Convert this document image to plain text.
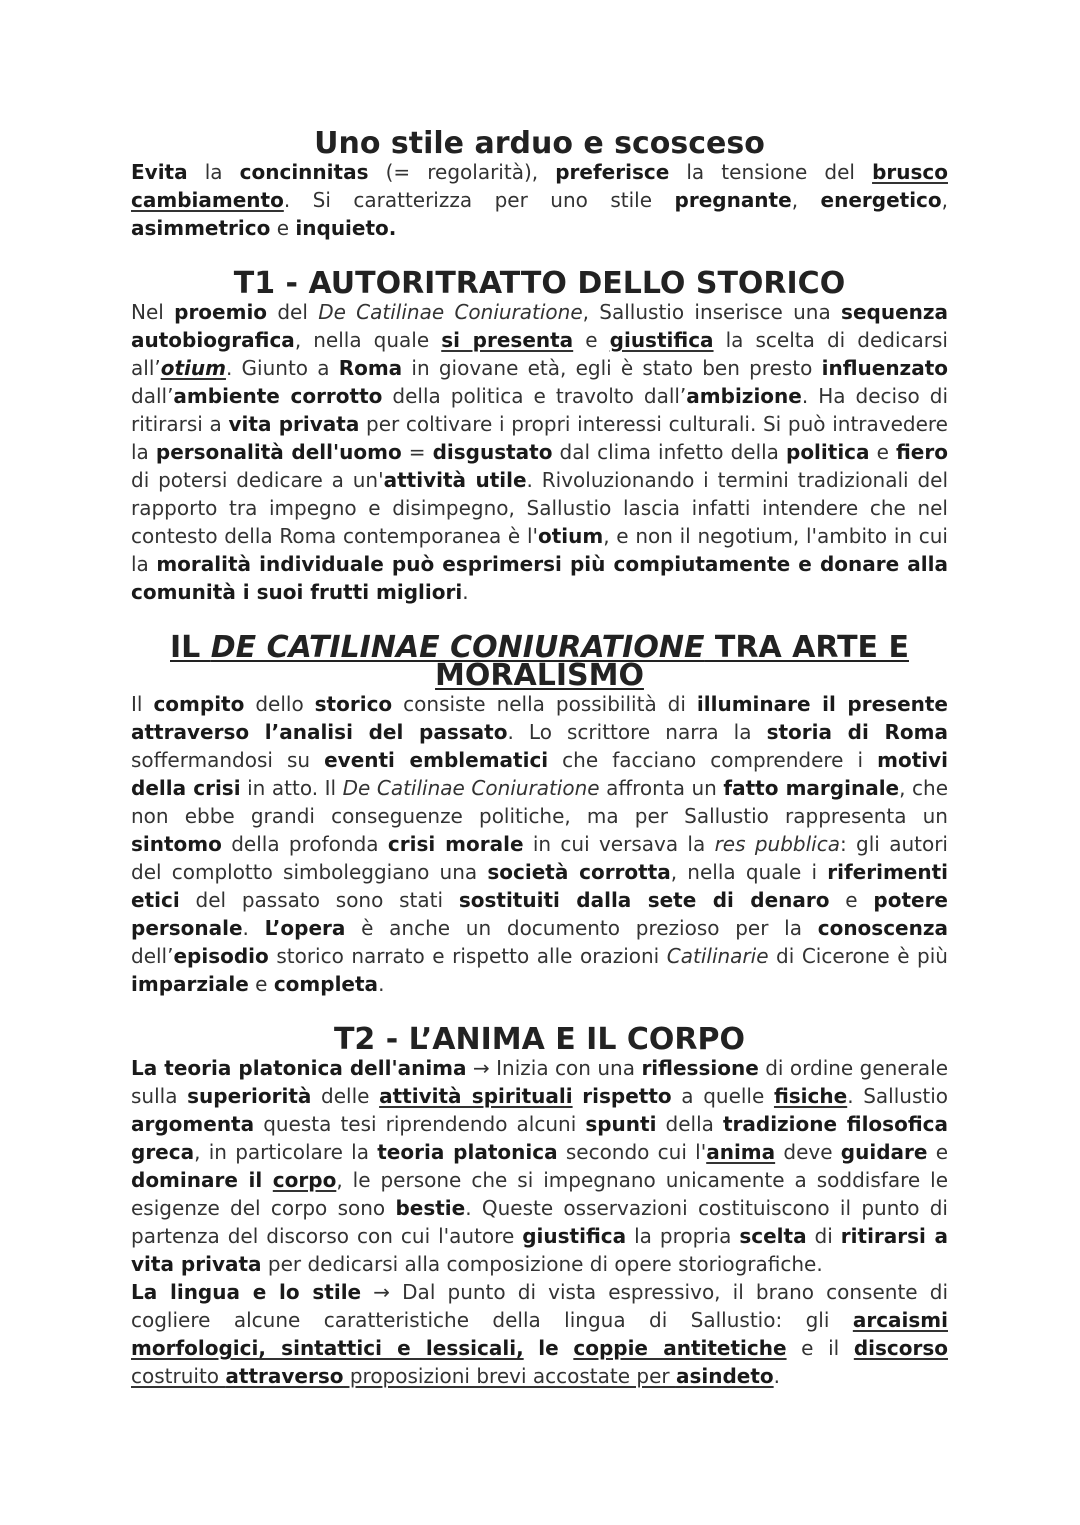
Uno stile arduo e scosceso

Evita la concinnitas (= regolarità), preferisce la tensione del brusco cambiamento. Si caratterizza per uno stile pregnante, energetico, asimmetrico e inquieto.

T1 - AUTORITRATTO DELLO STORICO

Nel proemio del De Catilinae Coniuratione, Sallustio inserisce una sequenza autobiografica, nella quale si presenta e giustifica la scelta di dedicarsi all’otium. Giunto a Roma in giovane età, egli è stato ben presto influenzato dall’ambiente corrotto della politica e travolto dall’ambizione. Ha deciso di ritirarsi a vita privata per coltivare i propri interessi culturali. Si può intravedere la personalità dell'uomo = disgustato dal clima infetto della politica e fiero di potersi dedicare a un'attività utile. Rivoluzionando i termini tradizionali del rapporto tra impegno e disimpegno, Sallustio lascia infatti intendere che nel contesto della Roma contemporanea è l'otium, e non il negotium, l'ambito in cui la moralità individuale può esprimersi più compiutamente e donare alla comunità i suoi frutti migliori.

IL DE CATILINAE CONIURATIONE TRA ARTE E MORALISMO

Il compito dello storico consiste nella possibilità di illuminare il presente attraverso l’analisi del passato. Lo scrittore narra la storia di Roma soffermandosi su eventi emblematici che facciano comprendere i motivi della crisi in atto. Il De Catilinae Coniuratione affronta un fatto marginale, che non ebbe grandi conseguenze politiche, ma per Sallustio rappresenta un sintomo della profonda crisi morale in cui versava la res pubblica: gli autori del complotto simboleggiano una società corrotta, nella quale i riferimenti etici del passato sono stati sostituiti dalla sete di denaro e potere personale. L’opera è anche un documento prezioso per la conoscenza dell’episodio storico narrato e rispetto alle orazioni Catilinarie di Cicerone è più imparziale e completa.

T2 - L’ANIMA E IL CORPO

La teoria platonica dell'anima → Inizia con una riflessione di ordine generale sulla superiorità delle attività spirituali rispetto a quelle fisiche. Sallustio argomenta questa tesi riprendendo alcuni spunti della tradizione filosofica greca, in particolare la teoria platonica secondo cui l'anima deve guidare e dominare il corpo, le persone che si impegnano unicamente a soddisfare le esigenze del corpo sono bestie. Queste osservazioni costituiscono il punto di partenza del discorso con cui l'autore giustifica la propria scelta di ritirarsi a vita privata per dedicarsi alla composizione di opere storiografiche.

La lingua e lo stile → Dal punto di vista espressivo, il brano consente di cogliere alcune caratteristiche della lingua di Sallustio: gli arcaismi morfologici, sintattici e lessicali, le coppie antitetiche e il discorso costruito attraverso proposizioni brevi accostate per asindeto.
